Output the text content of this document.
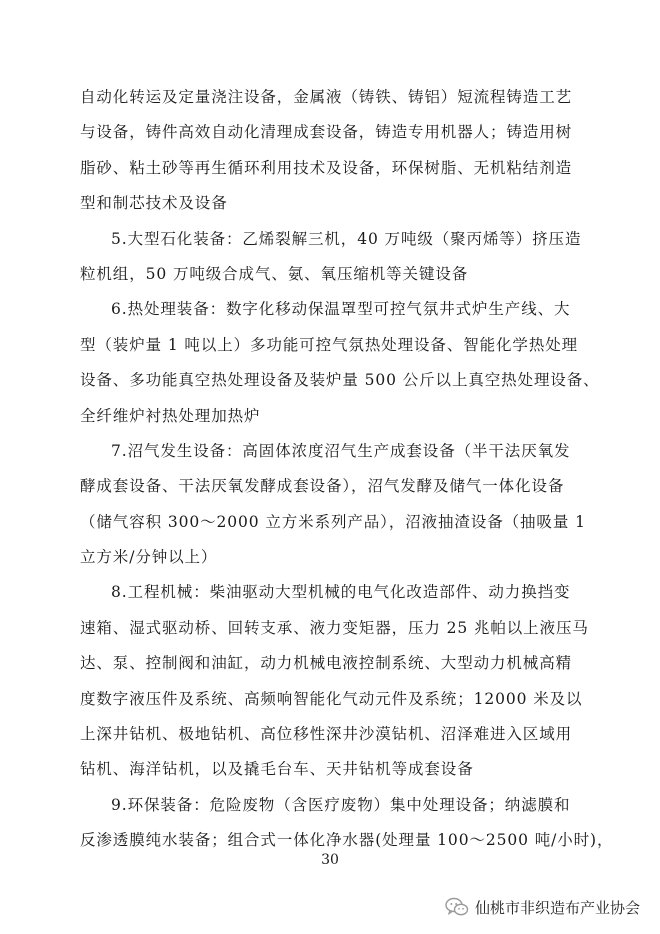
自动化转运及定量浇注设备，金属液（铸铁、铸铝）短流程铸造工艺
与设备，铸件高效自动化清理成套设备，铸造专用机器人；铸造用树
脂砂、粘土砂等再生循环利用技术及设备，环保树脂、无机粘结剂造
型和制芯技术及设备
5.大型石化装备：乙烯裂解三机，40 万吨级（聚丙烯等）挤压造
粒机组，50 万吨级合成气、氨、氧压缩机等关键设备
6.热处理装备：数字化移动保温罩型可控气氛井式炉生产线、大
型（装炉量 1 吨以上）多功能可控气氛热处理设备、智能化学热处理
设备、多功能真空热处理设备及装炉量 500 公斤以上真空热处理设备、
全纤维炉衬热处理加热炉
7.沼气发生设备：高固体浓度沼气生产成套设备（半干法厌氧发
酵成套设备、干法厌氧发酵成套设备），沼气发酵及储气一体化设备
（储气容积 300～2000 立方米系列产品），沼液抽渣设备（抽吸量 1
立方米/分钟以上）
8.工程机械：柴油驱动大型机械的电气化改造部件、动力换挡变
速箱、湿式驱动桥、回转支承、液力变矩器，压力 25 兆帕以上液压马
达、泵、控制阀和油缸，动力机械电液控制系统、大型动力机械高精
度数字液压件及系统、高频响智能化气动元件及系统；12000 米及以
上深井钻机、极地钻机、高位移性深井沙漠钻机、沼泽难进入区域用
钻机、海洋钻机，以及撬毛台车、天井钻机等成套设备
9.环保装备：危险废物（含医疗废物）集中处理设备；纳滤膜和
反渗透膜纯水装备；组合式一体化净水器(处理量 100～2500 吨/小时)，
30
仙桃市非织造布产业协会
